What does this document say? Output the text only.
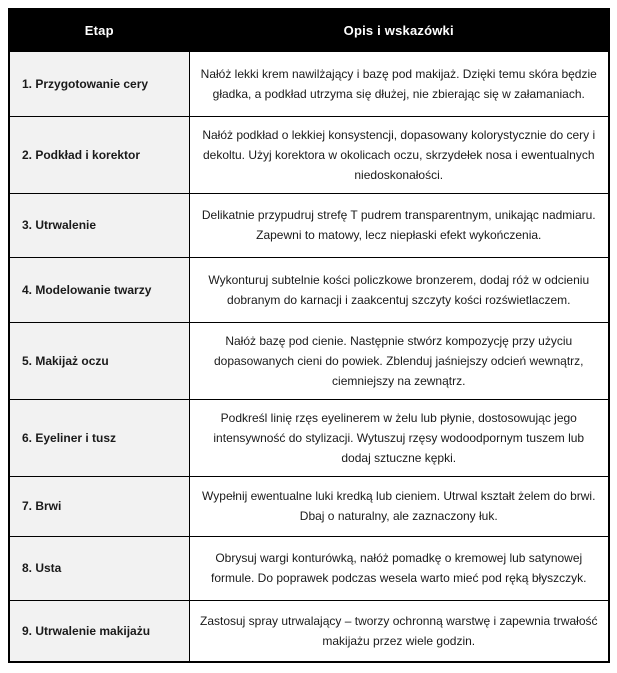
Etap	Opis i wskazówki
1. Przygotowanie cery	Nałóż lekki krem nawilżający i bazę pod makijaż. Dzięki temu skóra będzie gładka, a podkład utrzyma się dłużej, nie zbierając się w załamaniach.
2. Podkład i korektor	Nałóż podkład o lekkiej konsystencji, dopasowany kolorystycznie do cery i dekoltu. Użyj korektora w okolicach oczu, skrzydełek nosa i ewentualnych niedoskonałości.
3. Utrwalenie	Delikatnie przypudruj strefę T pudrem transparentnym, unikając nadmiaru. Zapewni to matowy, lecz niepłaski efekt wykończenia.
4. Modelowanie twarzy	Wykonturuj subtelnie kości policzkowe bronzerem, dodaj róż w odcieniu dobranym do karnacji i zaakcentuj szczyty kości rozświetlaczem.
5. Makijaż oczu	Nałóż bazę pod cienie. Następnie stwórz kompozycję przy użyciu dopasowanych cieni do powiek. Zblenduj jaśniejszy odcień wewnątrz, ciemniejszy na zewnątrz.
6. Eyeliner i tusz	Podkreśl linię rzęs eyelinerem w żelu lub płynie, dostosowując jego intensywność do stylizacji. Wytuszuj rzęsy wodoodpornym tuszem lub dodaj sztuczne kępki.
7. Brwi	Wypełnij ewentualne luki kredką lub cieniem. Utrwal kształt żelem do brwi. Dbaj o naturalny, ale zaznaczony łuk.
8. Usta	Obrysuj wargi konturówką, nałóż pomadkę o kremowej lub satynowej formule. Do poprawek podczas wesela warto mieć pod ręką błyszczyk.
9. Utrwalenie makijażu	Zastosuj spray utrwalający – tworzy ochronną warstwę i zapewnia trwałość makijażu przez wiele godzin.
